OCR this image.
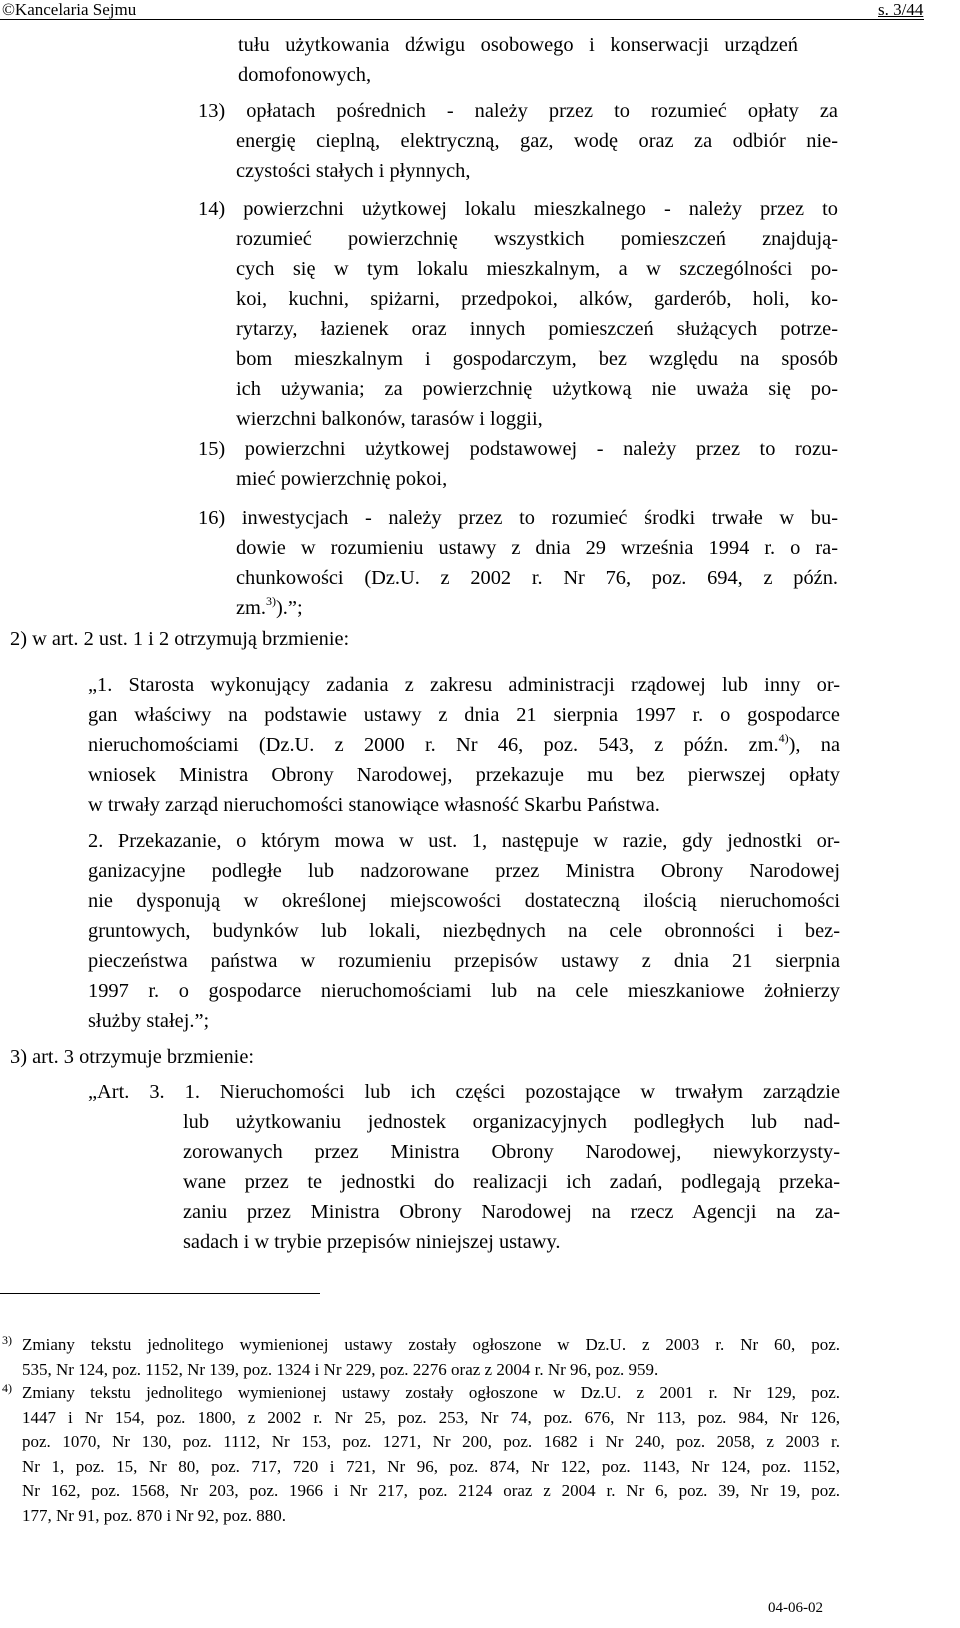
©Kancelaria Sejmu	s. 3/44
tułu użytkowania dźwigu osobowego i konserwacji urządzeń
domofonowych,
13) opłatach pośrednich - należy przez to rozumieć opłaty za
energię cieplną, elektryczną, gaz, wodę oraz za odbiór nie-
czystości stałych i płynnych,
14) powierzchni użytkowej lokalu mieszkalnego - należy przez to
rozumieć powierzchnię wszystkich pomieszczeń znajdują-
cych się w tym lokalu mieszkalnym, a w szczególności po-
koi, kuchni, spiżarni, przedpokoi, alków, garderób, holi, ko-
rytarzy, łazienek oraz innych pomieszczeń służących potrze-
bom mieszkalnym i gospodarczym, bez względu na sposób
ich używania; za powierzchnię użytkową nie uważa się po-
wierzchni balkonów, tarasów i loggii,
15) powierzchni użytkowej podstawowej - należy przez to rozu-
mieć powierzchnię pokoi,
16) inwestycjach - należy przez to rozumieć środki trwałe w bu-
dowie w rozumieniu ustawy z dnia 29 września 1994 r. o ra-
chunkowości (Dz.U. z 2002 r. Nr 76, poz. 694, z późn.
zm.$^{3)}$).”;
2) w art. 2 ust. 1 i 2 otrzymują brzmienie:
„1. Starosta wykonujący zadania z zakresu administracji rządowej lub inny or-
gan właściwy na podstawie ustawy z dnia 21 sierpnia 1997 r. o gospodarce
nieruchomościami (Dz.U. z 2000 r. Nr 46, poz. 543, z późn. zm.$^{4)}$), na
wniosek Ministra Obrony Narodowej, przekazuje mu bez pierwszej opłaty
w trwały zarząd nieruchomości stanowiące własność Skarbu Państwa.
2. Przekazanie, o którym mowa w ust. 1, następuje w razie, gdy jednostki or-
ganizacyjne podległe lub nadzorowane przez Ministra Obrony Narodowej
nie dysponują w określonej miejscowości dostateczną ilością nieruchomości
gruntowych, budynków lub lokali, niezbędnych na cele obronności i bez-
pieczeństwa państwa w rozumieniu przepisów ustawy z dnia 21 sierpnia
1997 r. o gospodarce nieruchomościami lub na cele mieszkaniowe żołnierzy
służby stałej.”;
3) art. 3 otrzymuje brzmienie:
„Art. 3. 1. Nieruchomości lub ich części pozostające w trwałym zarządzie
lub użytkowaniu jednostek organizacyjnych podległych lub nad-
zorowanych przez Ministra Obrony Narodowej, niewykorzysty-
wane przez te jednostki do realizacji ich zadań, podlegają przeka-
zaniu przez Ministra Obrony Narodowej na rzecz Agencji na za-
sadach i w trybie przepisów niniejszej ustawy.
3) Zmiany tekstu jednolitego wymienionej ustawy zostały ogłoszone w Dz.U. z 2003 r. Nr 60, poz.
535, Nr 124, poz. 1152, Nr 139, poz. 1324 i Nr 229, poz. 2276 oraz z 2004 r. Nr 96, poz. 959.
4) Zmiany tekstu jednolitego wymienionej ustawy zostały ogłoszone w Dz.U. z 2001 r. Nr 129, poz.
1447 i Nr 154, poz. 1800, z 2002 r. Nr 25, poz. 253, Nr 74, poz. 676, Nr 113, poz. 984, Nr 126,
poz. 1070, Nr 130, poz. 1112, Nr 153, poz. 1271, Nr 200, poz. 1682 i Nr 240, poz. 2058, z 2003 r.
Nr 1, poz. 15, Nr 80, poz. 717, 720 i 721, Nr 96, poz. 874, Nr 122, poz. 1143, Nr 124, poz. 1152,
Nr 162, poz. 1568, Nr 203, poz. 1966 i Nr 217, poz. 2124 oraz z 2004 r. Nr 6, poz. 39, Nr 19, poz.
177, Nr 91, poz. 870 i Nr 92, poz. 880.
04-06-02
